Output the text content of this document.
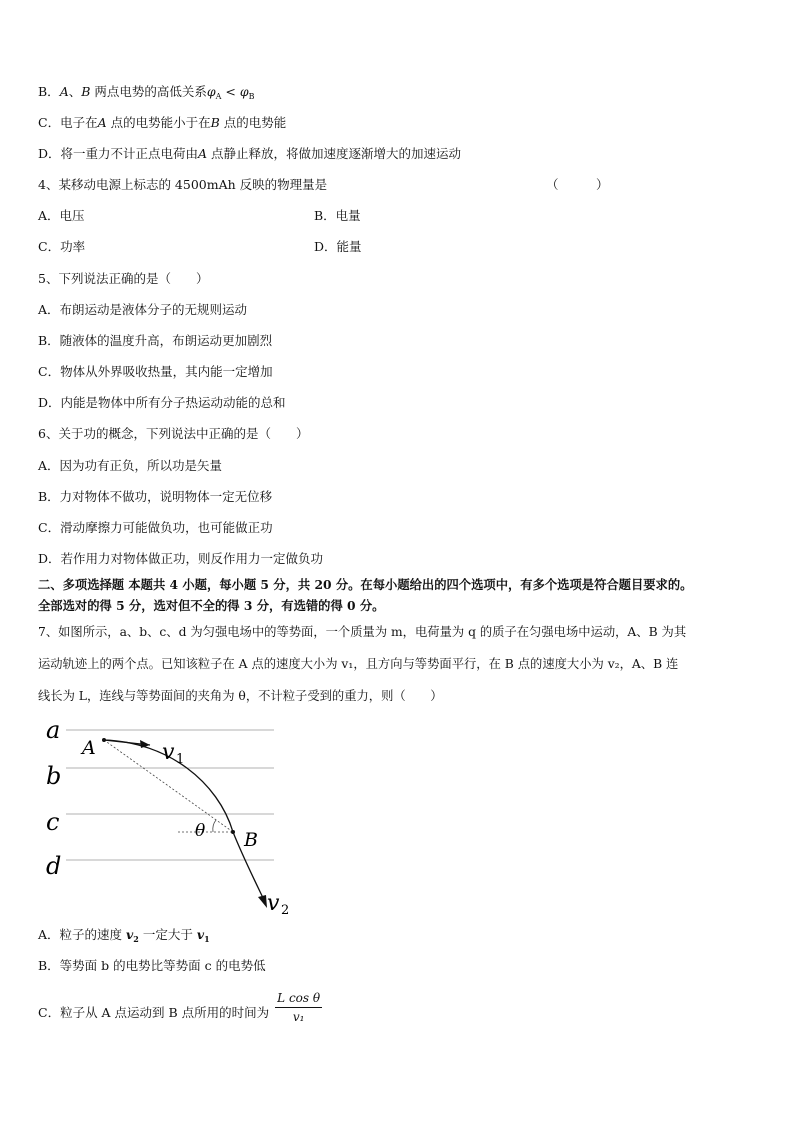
B．A、B 两点电势的高低关系$\varphi_A < \varphi_B$
C．电子在A 点的电势能小于在B 点的电势能
D．将一重力不计正点电荷由A 点静止释放，将做加速度逐渐增大的加速运动
4、某移动电源上标志的 4500mAh 反映的物理量是	（　　　）
A．电压	B．电量
C．功率	D．能量
5、下列说法正确的是（　　）
A．布朗运动是液体分子的无规则运动
B．随液体的温度升高，布朗运动更加剧烈
C．物体从外界吸收热量，其内能一定增加
D．内能是物体中所有分子热运动动能的总和
6、关于功的概念，下列说法中正确的是（　　）
A．因为功有正负，所以功是矢量
B．力对物体不做功，说明物体一定无位移
C．滑动摩擦力可能做负功，也可能做正功
D．若作用力对物体做正功，则反作用力一定做负功
二、多项选择题 本题共 4 小题，每小题 5 分，共 20 分。在每小题给出的四个选项中，有多个选项是符合题目要求的。
全部选对的得 5 分，选对但不全的得 3 分，有选错的得 0 分。
7、如图所示，a、b、c、d 为匀强电场中的等势面，一个质量为 m，电荷量为 q 的质子在匀强电场中运动，A、B 为其
运动轨迹上的两个点。已知该粒子在 A 点的速度大小为 v₁，且方向与等势面平行，在 B 点的速度大小为 v₂，A、B 连
线长为 L，连线与等势面间的夹角为 θ，不计粒子受到的重力，则（　　）
a
b
c
d
A
B
θ
v 1
v 2
A．粒子的速度 $v_2$ 一定大于 $v_1$
B．等势面 b 的电势比等势面 c 的电势低
C．粒子从 A 点运动到 B 点所用的时间为 $\frac{\text{L cos θ}}{\text{v₁}}$
